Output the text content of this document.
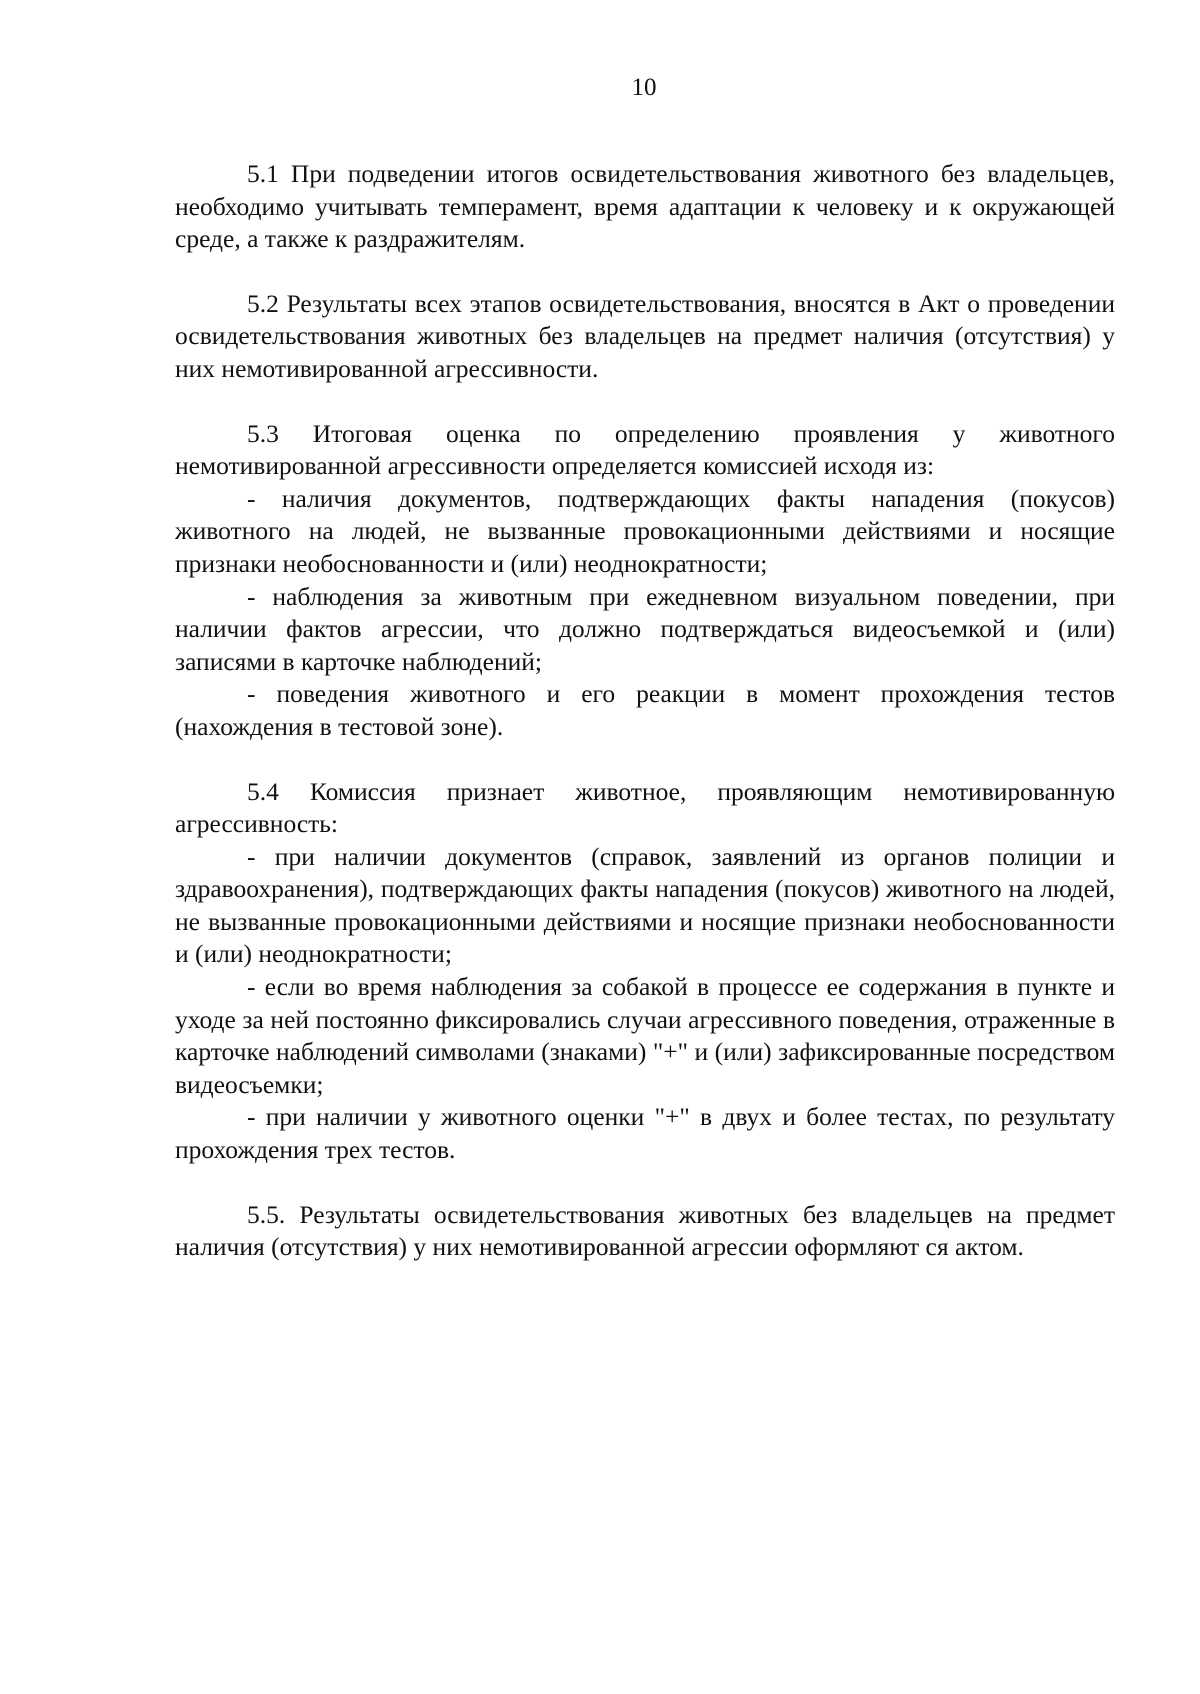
10

5.1 При подведении итогов освидетельствования животного без владельцев, необходимо учитывать темперамент, время адаптации к человеку и к окружающей среде, а также к раздражителям.

5.2 Результаты всех этапов освидетельствования, вносятся в Акт о проведении освидетельствования животных без владельцев на предмет наличия (отсутствия) у них немотивированной агрессивности.

5.3 Итоговая оценка по определению проявления у животного немотивированной агрессивности определяется комиссией исходя из:

- наличия документов, подтверждающих факты нападения (покусов) животного на людей, не вызванные провокационными действиями и носящие признаки необоснованности и (или) неоднократности;

- наблюдения за животным при ежедневном визуальном поведении, при наличии фактов агрессии, что должно подтверждаться видеосъемкой и (или) записями в карточке наблюдений;

- поведения животного и его реакции в момент прохождения тестов (нахождения в тестовой зоне).

5.4 Комиссия признает животное, проявляющим немотивированную агрессивность:

- при наличии документов (справок, заявлений из органов полиции и здравоохранения), подтверждающих факты нападения (покусов) животного на людей, не вызванные провокационными действиями и носящие признаки необоснованности и (или) неоднократности;

- если во время наблюдения за собакой в процессе ее содержания в пункте и уходе за ней постоянно фиксировались случаи агрессивного поведения, отраженные в карточке наблюдений символами (знаками) "+" и (или) зафиксированные посредством видеосъемки;

- при наличии у животного оценки "+" в двух и более тестах, по результату прохождения трех тестов.

5.5. Результаты освидетельствования животных без владельцев на предмет наличия (отсутствия) у них немотивированной агрессии оформляют ся актом.
